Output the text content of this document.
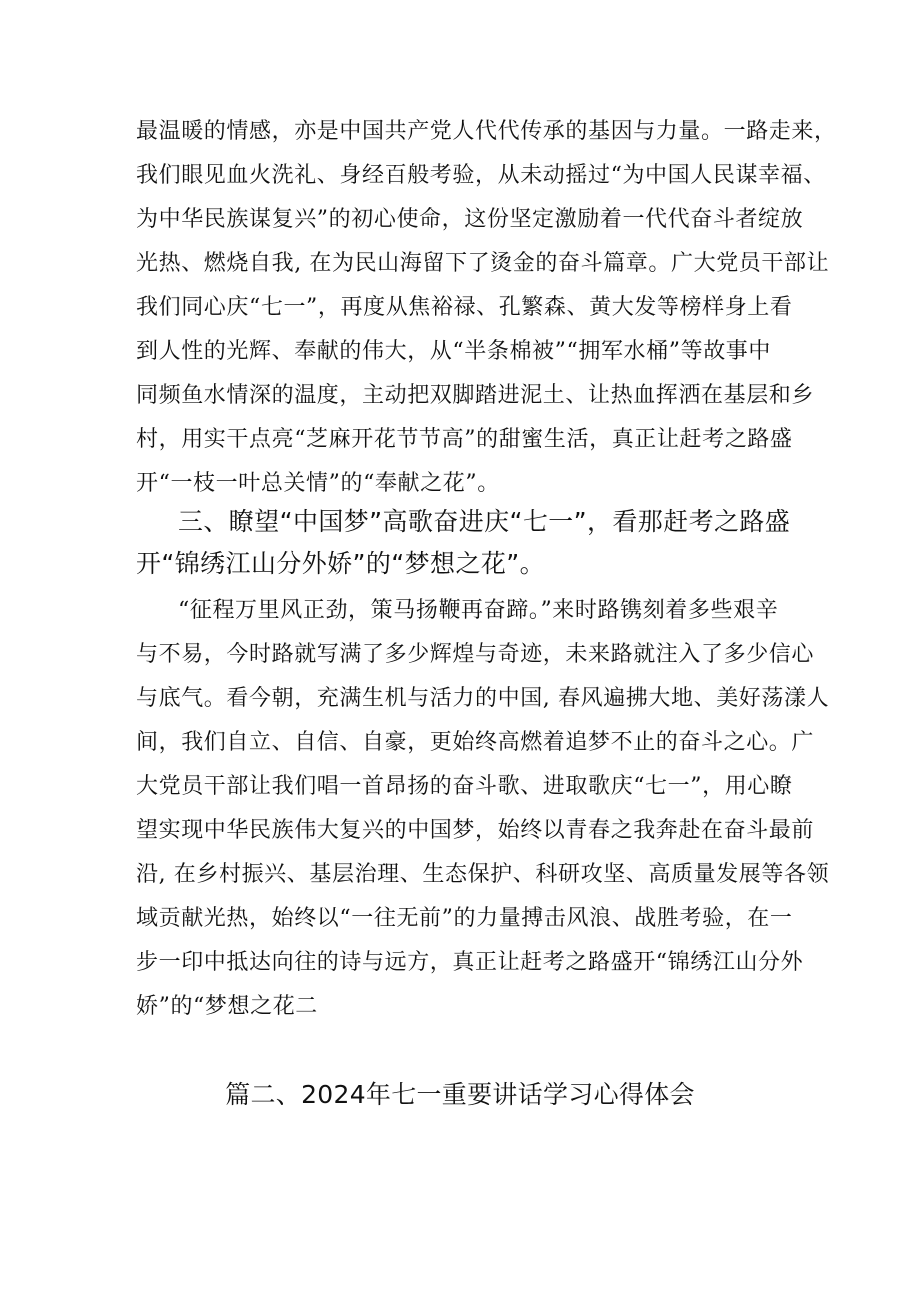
最温暖的情感，亦是中国共产党人代代传承的基因与力量。一路走来，
我们眼见血火洗礼、身经百般考验，从未动摇过“为中国人民谋幸福、
为中华民族谋复兴”的初心使命，这份坚定激励着一代代奋斗者绽放
光热、燃烧自我, 在为民山海留下了烫金的奋斗篇章。广大党员干部让
我们同心庆“七一”，再度从焦裕禄、孔繁森、黄大发等榜样身上看
到人性的光辉、奉献的伟大，从“半条棉被”“拥军水桶”等故事中
同频鱼水情深的温度，主动把双脚踏进泥土、让热血挥洒在基层和乡
村，用实干点亮“芝麻开花节节高”的甜蜜生活，真正让赶考之路盛
开“一枝一叶总关情”的“奉献之花”。
三、瞭望“中国梦”高歌奋进庆“七一”，看那赶考之路盛
开“锦绣江山分外娇”的“梦想之花”。
“征程万里风正劲，策马扬鞭再奋蹄。”来时路镌刻着多些艰辛
与不易，今时路就写满了多少辉煌与奇迹，未来路就注入了多少信心
与底气。看今朝，充满生机与活力的中国, 春风遍拂大地、美好荡漾人
间，我们自立、自信、自豪，更始终高燃着追梦不止的奋斗之心。广
大党员干部让我们唱一首昂扬的奋斗歌、进取歌庆“七一”，用心瞭
望实现中华民族伟大复兴的中国梦，始终以青春之我奔赴在奋斗最前
沿, 在乡村振兴、基层治理、生态保护、科研攻坚、高质量发展等各领
域贡献光热，始终以“一往无前”的力量搏击风浪、战胜考验，在一
步一印中抵达向往的诗与远方，真正让赶考之路盛开“锦绣江山分外
娇”的“梦想之花二
篇二、2024年七一重要讲话学习心得体会
